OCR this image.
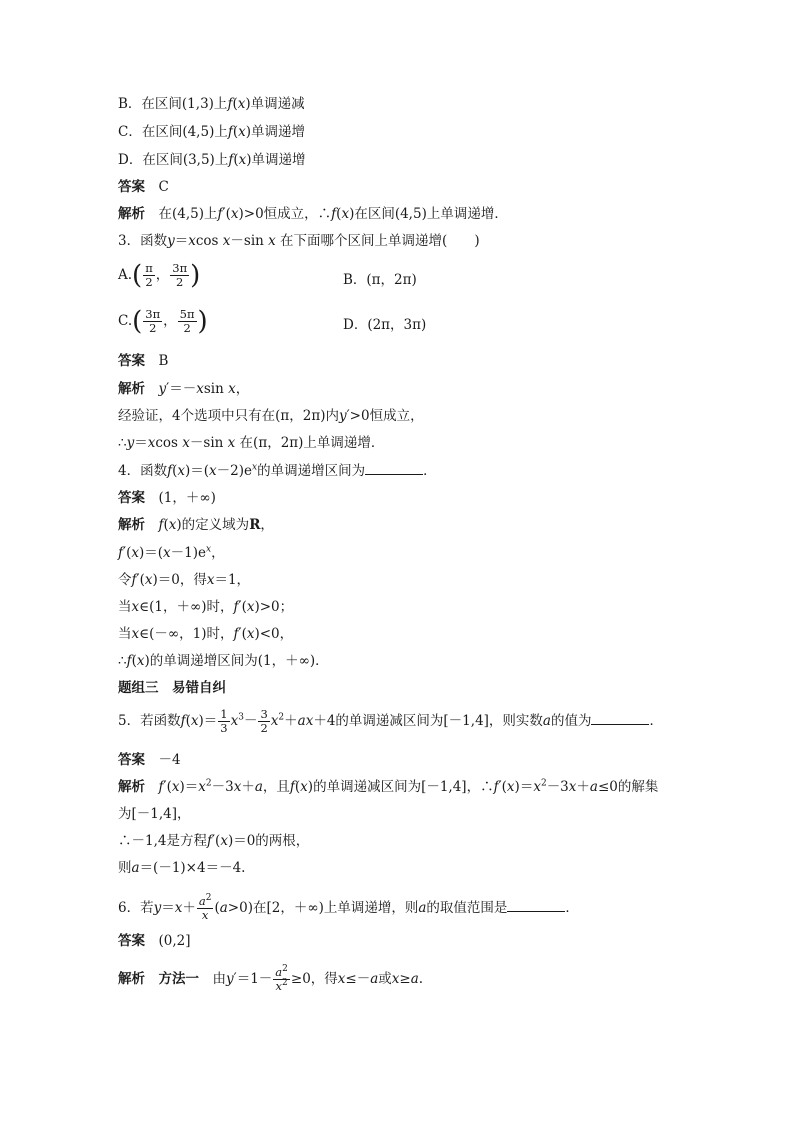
B．在区间(1,3)上f(x)单调递减
C．在区间(4,5)上f(x)单调递增
D．在区间(3,5)上f(x)单调递增
答案　 C
解析　 在(4,5)上f′(x)>0恒成立，∴f(x)在区间(4,5)上单调递增．
3．函数y＝xcos x－sin x 在下面哪个区间上单调递增(　　)
$A.( \frac{\pi}{2}$ ， $\frac{3\pi}{2}$ )	B．(π，2π)
$C.( \frac{3\pi}{2}$ ， $\frac{5\pi}{2}$ )	D．(2π，3π)
答案　 B
解析　 y′＝－xsin x，
经验证，4个选项中只有在(π，2π)内y′>0恒成立，
∴y＝xcos x－sin x 在(π，2π)上单调递增．
4．函数$f(x)=(x-2)e^x$的单调递增区间为	．
答案　 (1，＋∞)
解析　 f(x)的定义域为R，
$f'(x)=(x-1)e^x$，
令f′(x)＝0，得x＝1，
当x∈(1，＋∞)时，f′(x)>0；
当x∈(－∞，1)时，f′(x)<0，
∴f(x)的单调递增区间为(1，＋∞)．
题组三　易错自纠
5．若函数$f(x)= \frac{1}{3} x^3- \frac{3}{2} x^2+ax+4$的单调递减区间为[－1,4]，则实数a的值为	．
答案　 －4
解析　 $f'(x)=x^2-3x+a$，且f(x)的单调递减区间为[－1,4]，$\therefore f'(x)=x^2-3x+a\le 0$的解集
为[－1,4]，
∴－1,4是方程f′(x)＝0的两根，
则a＝(－1)×4＝－4.
6．若$y=x+ \frac{a^2}{x} (a>0)$在[2，＋∞)上单调递增，则a的取值范围是	．
答案　 (0,2]
解析　 方法一　 由$y'=1- \frac{a^2}{x^2} \ge 0$，得x≤－a或x≥a.
